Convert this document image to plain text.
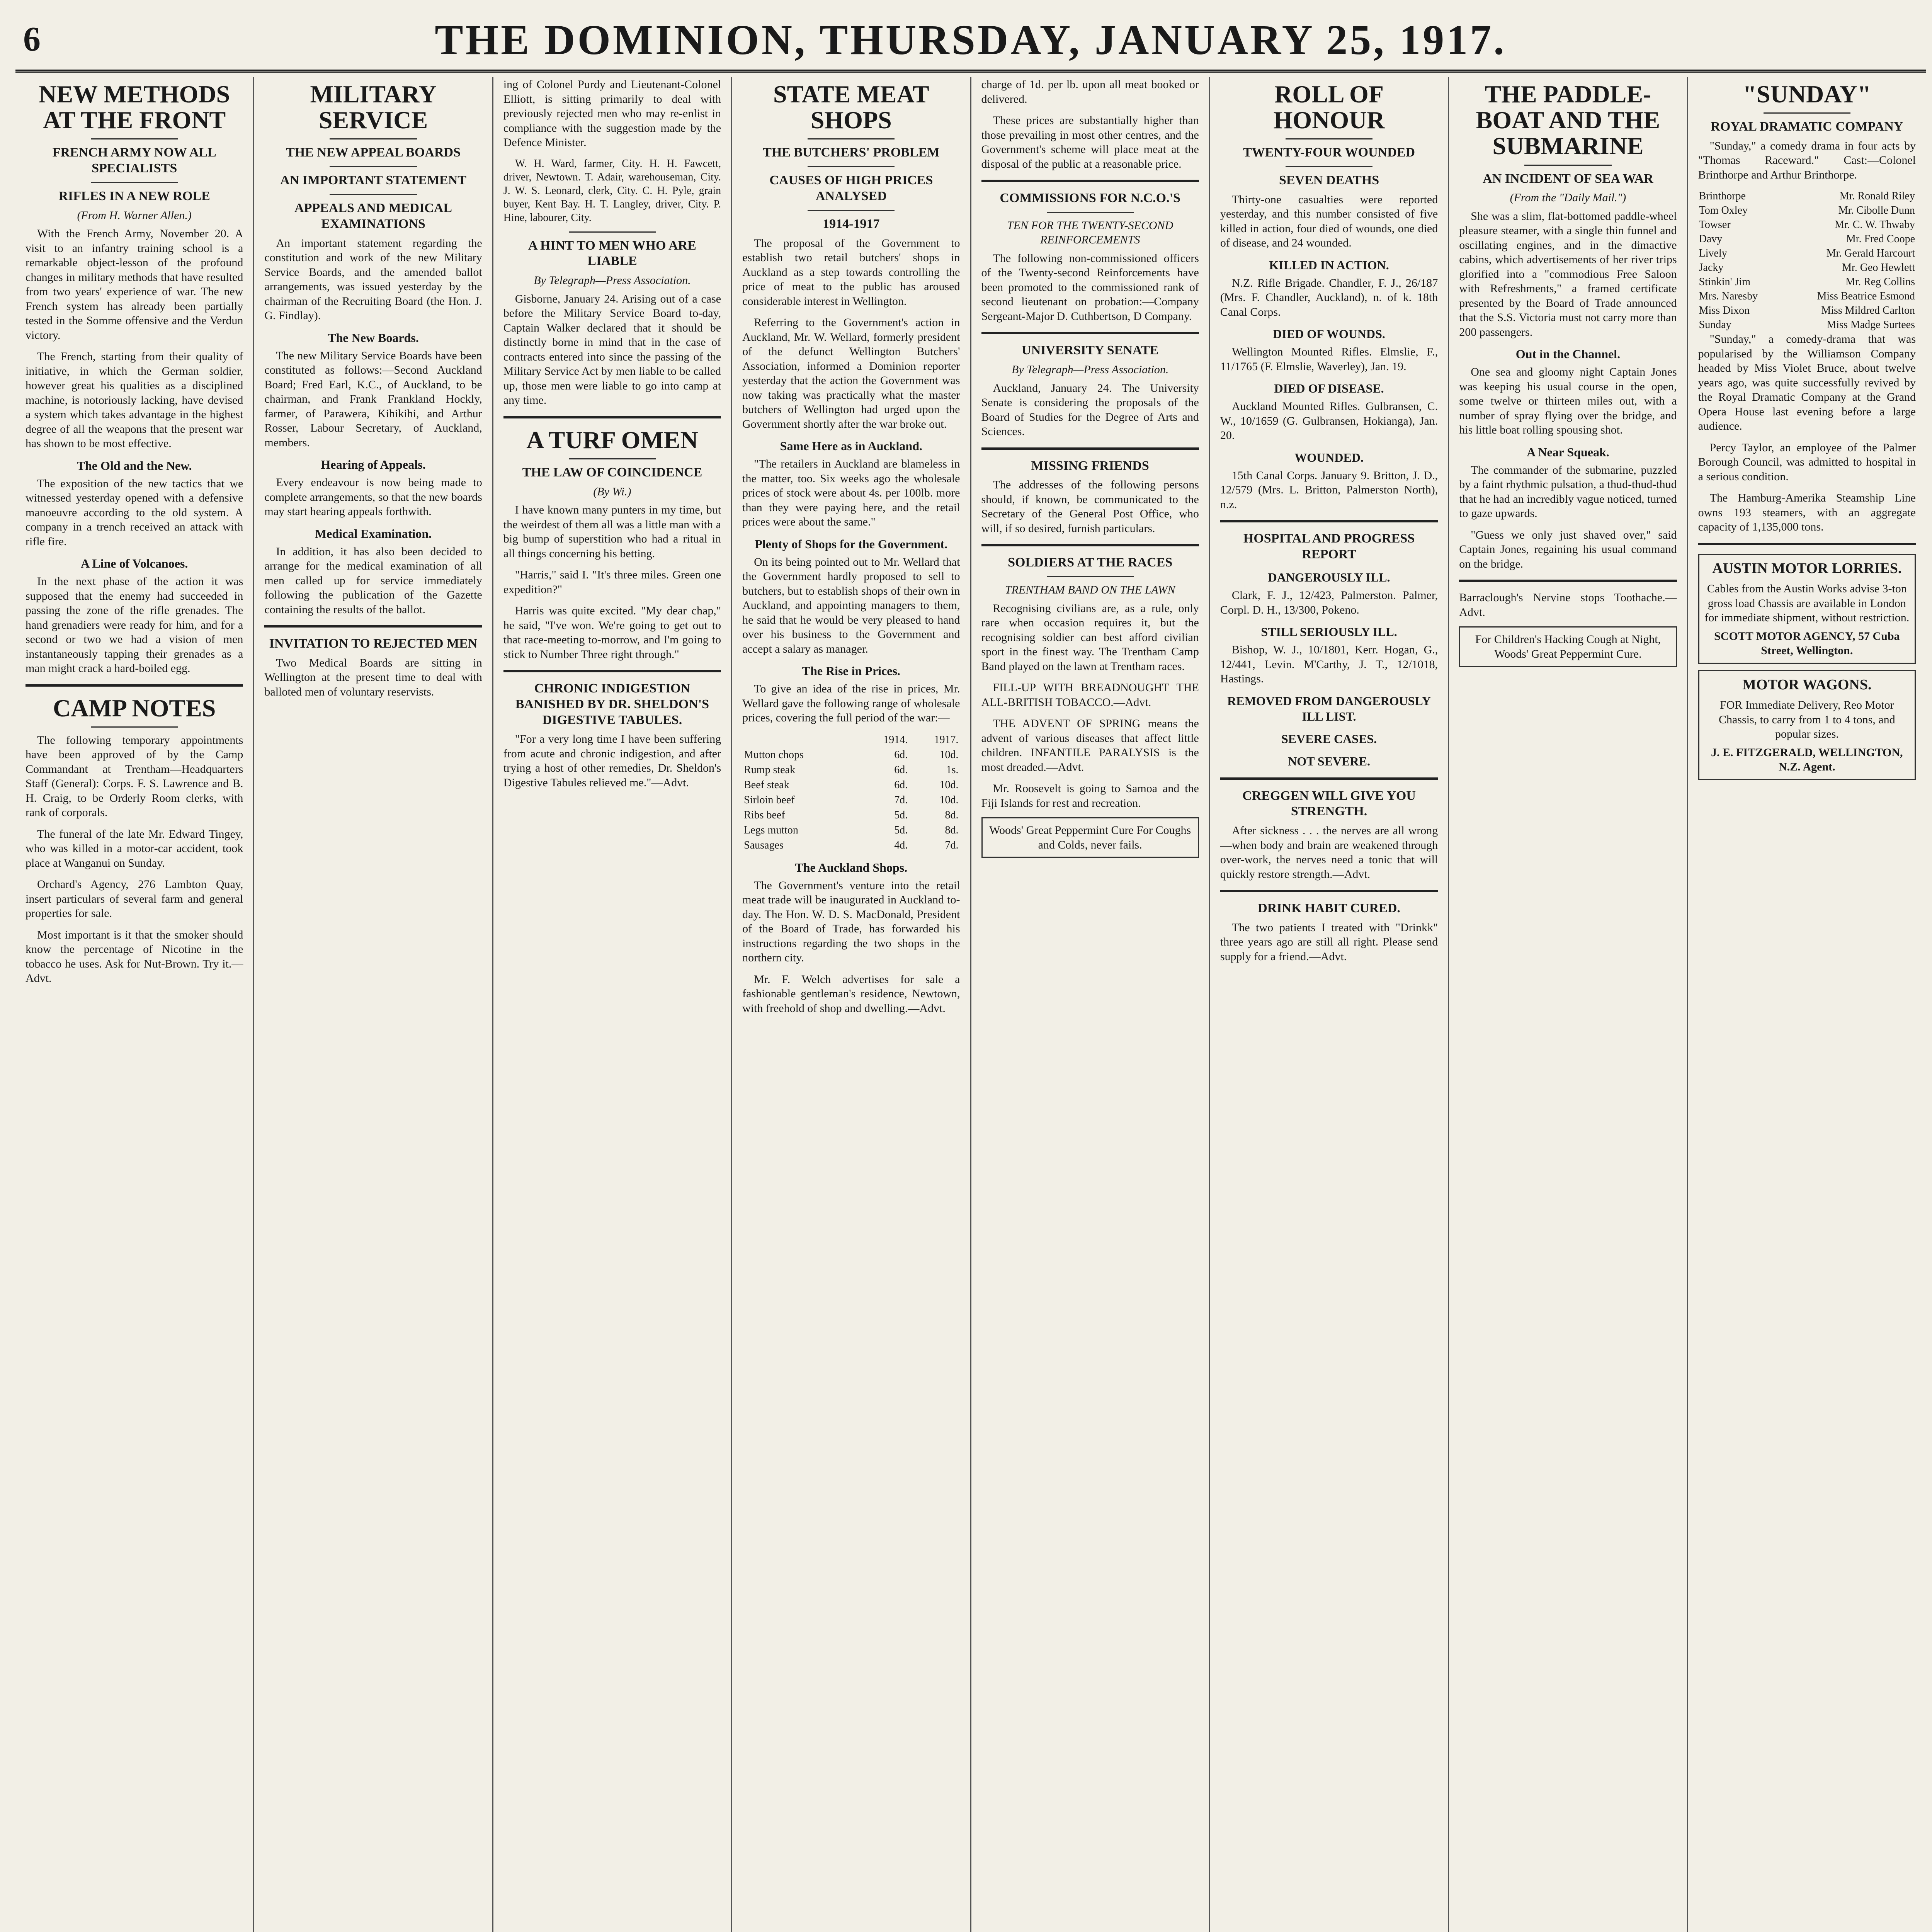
6	THE DOMINION, THURSDAY, JANUARY 25, 1917.
NEW METHODS AT THE FRONT
FRENCH ARMY NOW ALL SPECIALISTS
RIFLES IN A NEW ROLE
(From H. Warner Allen.)

With the French Army, November 20. A visit to an infantry training school is a remarkable object-lesson of the profound changes in military methods that have resulted from two years' experience of war. The new French system has already been partially tested in the Somme offensive and the Verdun victory.

The French, starting from their quality of initiative, in which the German soldier, however great his qualities as a disciplined machine, is notoriously lacking, have devised a system which takes advantage in the highest degree of all the weapons that the present war has shown to be most effective.

The Old and the New.

The exposition of the new tactics that we witnessed yesterday opened with a defensive manoeuvre according to the old system. A company in a trench received an attack with rifle fire.

A Line of Volcanoes.

In the next phase of the action it was supposed that the enemy had succeeded in passing the zone of the rifle grenades. The hand grenadiers were ready for him, and for a second or two we had a vision of men instantaneously tapping their grenades as a man might crack a hard-boiled egg.

CAMP NOTES

The following temporary appointments have been approved of by the Camp Commandant at Trentham—Headquarters Staff (General): Corps. F. S. Lawrence and B. H. Craig, to be Orderly Room clerks, with rank of corporals.

The funeral of the late Mr. Edward Tingey, who was killed in a motor-car accident, took place at Wanganui on Sunday.

Orchard's Agency, 276 Lambton Quay, insert particulars of several farm and general properties for sale.

Most important is it that the smoker should know the percentage of Nicotine in the tobacco he uses. Ask for Nut-Brown. Try it.—Advt.

MILITARY SERVICE
THE NEW APPEAL BOARDS
AN IMPORTANT STATEMENT
APPEALS AND MEDICAL EXAMINATIONS

An important statement regarding the constitution and work of the new Military Service Boards, and the amended ballot arrangements, was issued yesterday by the chairman of the Recruiting Board (the Hon. J. G. Findlay).

The New Boards.

The new Military Service Boards have been constituted as follows:—Second Auckland Board; Fred Earl, K.C., of Auckland, to be chairman, and Frank Frankland Hockly, farmer, of Parawera, Kihikihi, and Arthur Rosser, Labour Secretary, of Auckland, members.

Hearing of Appeals.

Every endeavour is now being made to complete arrangements, so that the new boards may start hearing appeals forthwith.

Medical Examination.

In addition, it has also been decided to arrange for the medical examination of all men called up for service immediately following the publication of the Gazette containing the results of the ballot.

INVITATION TO REJECTED MEN

Two Medical Boards are sitting in Wellington at the present time to deal with balloted men of voluntary reservists.

ing of Colonel Purdy and Lieutenant-Colonel Elliott, is sitting primarily to deal with previously rejected men who may re-enlist in compliance with the suggestion made by the Defence Minister.

W. H. Ward, farmer, City. H. H. Fawcett, driver, Newtown. T. Adair, warehouseman, City. J. W. S. Leonard, clerk, City. C. H. Pyle, grain buyer, Kent Bay. H. T. Langley, driver, City. P. Hine, labourer, City.

A HINT TO MEN WHO ARE LIABLE
By Telegraph—Press Association.

Gisborne, January 24. Arising out of a case before the Military Service Board to-day, Captain Walker declared that it should be distinctly borne in mind that in the case of contracts entered into since the passing of the Military Service Act by men liable to be called up, those men were liable to go into camp at any time.

A TURF OMEN
THE LAW OF COINCIDENCE
(By Wi.)

I have known many punters in my time, but the weirdest of them all was a little man with a big bump of superstition who had a ritual in all things concerning his betting.

"Harris," said I. "It's three miles. Green one expedition?"

Harris was quite excited. "My dear chap," he said, "I've won. We're going to get out to that race-meeting to-morrow, and I'm going to stick to Number Three right through."

CHRONIC INDIGESTION BANISHED BY DR. SHELDON'S DIGESTIVE TABULES.

"For a very long time I have been suffering from acute and chronic indigestion, and after trying a host of other remedies, Dr. Sheldon's Digestive Tabules relieved me."—Advt.

STATE MEAT SHOPS
THE BUTCHERS' PROBLEM
CAUSES OF HIGH PRICES ANALYSED
1914-1917

The proposal of the Government to establish two retail butchers' shops in Auckland as a step towards controlling the price of meat to the public has aroused considerable interest in Wellington.

Referring to the Government's action in Auckland, Mr. W. Wellard, formerly president of the defunct Wellington Butchers' Association, informed a Dominion reporter yesterday that the action the Government was now taking was practically what the master butchers of Wellington had urged upon the Government shortly after the war broke out.

Same Here as in Auckland.

"The retailers in Auckland are blameless in the matter, too. Six weeks ago the wholesale prices of stock were about 4s. per 100lb. more than they were paying here, and the retail prices were about the same."

Plenty of Shops for the Government.

On its being pointed out to Mr. Wellard that the Government hardly proposed to sell to butchers, but to establish shops of their own in Auckland, and appointing managers to them, he said that he would be very pleased to hand over his business to the Government and accept a salary as manager.

The Rise in Prices.

To give an idea of the rise in prices, Mr. Wellard gave the following range of wholesale prices, covering the full period of the war:—

	1914.	1917.
Mutton chops	6d.	10d.
Rump steak	6d.	1s.
Beef steak	6d.	10d.
Sirloin beef	7d.	10d.
Ribs beef	5d.	8d.
Legs mutton	5d.	8d.
Sausages	4d.	7d.
The Auckland Shops.

The Government's venture into the retail meat trade will be inaugurated in Auckland to-day. The Hon. W. D. S. MacDonald, President of the Board of Trade, has forwarded his instructions regarding the two shops in the northern city.

Mr. F. Welch advertises for sale a fashionable gentleman's residence, Newtown, with freehold of shop and dwelling.—Advt.

charge of 1d. per lb. upon all meat booked or delivered.

These prices are substantially higher than those prevailing in most other centres, and the Government's scheme will place meat at the disposal of the public at a reasonable price.

COMMISSIONS FOR N.C.O.'S
TEN FOR THE TWENTY-SECOND REINFORCEMENTS

The following non-commissioned officers of the Twenty-second Reinforcements have been promoted to the commissioned rank of second lieutenant on probation:—Company Sergeant-Major D. Cuthbertson, D Company.

UNIVERSITY SENATE
By Telegraph—Press Association.

Auckland, January 24. The University Senate is considering the proposals of the Board of Studies for the Degree of Arts and Sciences.

MISSING FRIENDS

The addresses of the following persons should, if known, be communicated to the Secretary of the General Post Office, who will, if so desired, furnish particulars.

SOLDIERS AT THE RACES
TRENTHAM BAND ON THE LAWN

Recognising civilians are, as a rule, only rare when occasion requires it, but the recognising soldier can best afford civilian sport in the finest way. The Trentham Camp Band played on the lawn at Trentham races.

FILL-UP WITH BREADNOUGHT THE ALL-BRITISH TOBACCO.—Advt.

THE ADVENT OF SPRING means the advent of various diseases that affect little children. INFANTILE PARALYSIS is the most dreaded.—Advt.

Mr. Roosevelt is going to Samoa and the Fiji Islands for rest and recreation.

Woods' Great Peppermint Cure For Coughs and Colds, never fails.
ROLL OF HONOUR
TWENTY-FOUR WOUNDED
SEVEN DEATHS

Thirty-one casualties were reported yesterday, and this number consisted of five killed in action, four died of wounds, one died of disease, and 24 wounded.

KILLED IN ACTION.

N.Z. Rifle Brigade. Chandler, F. J., 26/187 (Mrs. F. Chandler, Auckland), n. of k. 18th Canal Corps.

DIED OF WOUNDS.

Wellington Mounted Rifles. Elmslie, F., 11/1765 (F. Elmslie, Waverley), Jan. 19.

DIED OF DISEASE.

Auckland Mounted Rifles. Gulbransen, C. W., 10/1659 (G. Gulbransen, Hokianga), Jan. 20.

WOUNDED.

15th Canal Corps. January 9. Britton, J. D., 12/579 (Mrs. L. Britton, Palmerston North), n.z.

HOSPITAL AND PROGRESS REPORT
DANGEROUSLY ILL.

Clark, F. J., 12/423, Palmerston. Palmer, Corpl. D. H., 13/300, Pokeno.

STILL SERIOUSLY ILL.

Bishop, W. J., 10/1801, Kerr. Hogan, G., 12/441, Levin. M'Carthy, J. T., 12/1018, Hastings.

REMOVED FROM DANGEROUSLY ILL LIST.
SEVERE CASES.
NOT SEVERE.
CREGGEN WILL GIVE YOU STRENGTH.

After sickness . . . the nerves are all wrong—when body and brain are weakened through over-work, the nerves need a tonic that will quickly restore strength.—Advt.

DRINK HABIT CURED.

The two patients I treated with "Drinkk" three years ago are still all right. Please send supply for a friend.—Advt.

THE PADDLE-BOAT AND THE SUBMARINE
AN INCIDENT OF SEA WAR
(From the "Daily Mail.")

She was a slim, flat-bottomed paddle-wheel pleasure steamer, with a single thin funnel and oscillating engines, and in the dimactive cabins, which advertisements of her river trips glorified into a "commodious Free Saloon with Refreshments," a framed certificate presented by the Board of Trade announced that the S.S. Victoria must not carry more than 200 passengers.

Out in the Channel.

One sea and gloomy night Captain Jones was keeping his usual course in the open, some twelve or thirteen miles out, with a number of spray flying over the bridge, and his little boat rolling spousing shot.

A Near Squeak.

The commander of the submarine, puzzled by a faint rhythmic pulsation, a thud-thud-thud that he had an incredibly vague noticed, turned to gaze upwards.

"Guess we only just shaved over," said Captain Jones, regaining his usual command on the bridge.

Barraclough's Nervine stops Toothache.—Advt.

For Children's Hacking Cough at Night, Woods' Great Peppermint Cure.
"SUNDAY"
ROYAL DRAMATIC COMPANY

"Sunday," a comedy drama in four acts by "Thomas Raceward." Cast:—Colonel Brinthorpe and Arthur Brinthorpe.

Brinthorpe	Mr. Ronald Riley
Tom Oxley	Mr. Cibolle Dunn
Towser	Mr. C. W. Thwaby
Davy	Mr. Fred Coope
Lively	Mr. Gerald Harcourt
Jacky	Mr. Geo Hewlett
Stinkin' Jim	Mr. Reg Collins
Mrs. Naresby	Miss Beatrice Esmond
Miss Dixon	Miss Mildred Carlton
Sunday	Miss Madge Surtees

"Sunday," a comedy-drama that was popularised by the Williamson Company headed by Miss Violet Bruce, about twelve years ago, was quite successfully revived by the Royal Dramatic Company at the Grand Opera House last evening before a large audience.

Percy Taylor, an employee of the Palmer Borough Council, was admitted to hospital in a serious condition.

The Hamburg-Amerika Steamship Line owns 193 steamers, with an aggregate capacity of 1,135,000 tons.

AUSTIN MOTOR LORRIES.
Cables from the Austin Works advise 3-ton gross load Chassis are available in London for immediate shipment, without restriction.
SCOTT MOTOR AGENCY, 57 Cuba Street, Wellington.
MOTOR WAGONS.
FOR Immediate Delivery, Reo Motor Chassis, to carry from 1 to 4 tons, and popular sizes.
J. E. FITZGERALD, WELLINGTON, N.Z. Agent.
